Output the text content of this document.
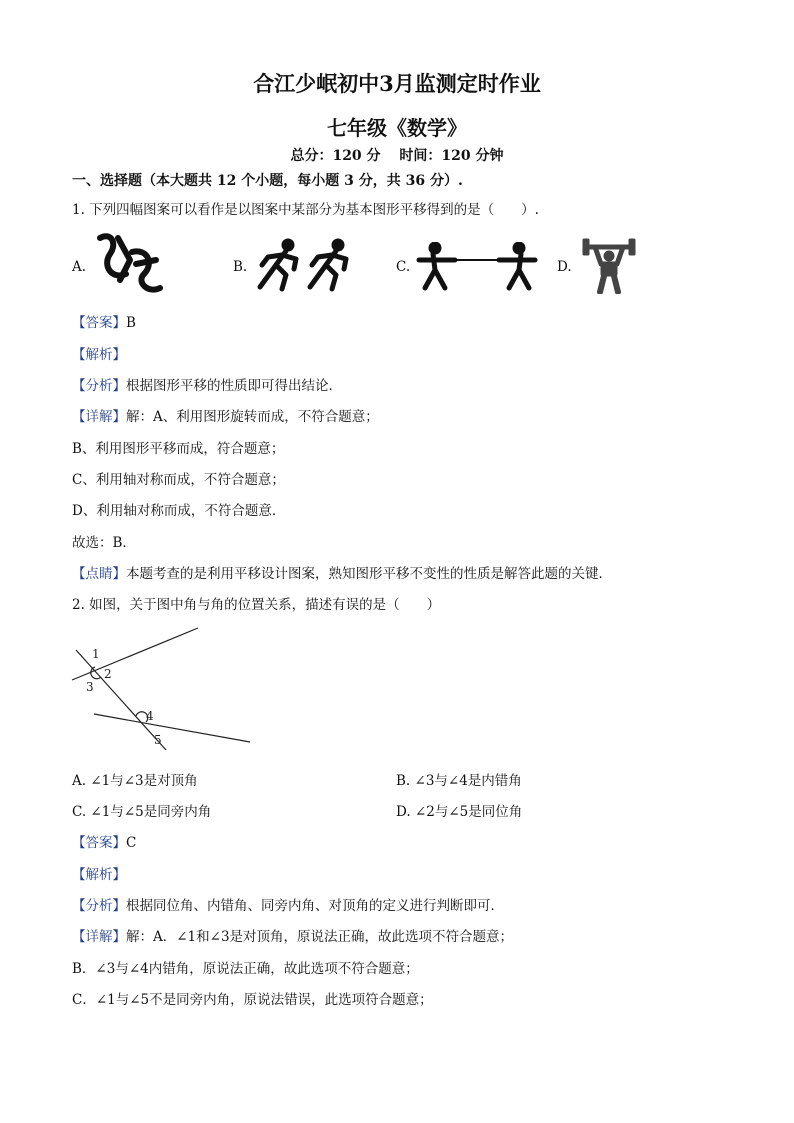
合江少岷初中3月监测定时作业
七年级《数学》
总分：120 分　 时间：120 分钟
一、选择题（本大题共 12 个小题，每小题 3 分，共 36 分）.
1. 下列四幅图案可以看作是以图案中某部分为基本图形平移得到的是（　　）.
A.	B.	C.	D.
【答案】B
【解析】
【分析】根据图形平移的性质即可得出结论．
【详解】解：A、利用图形旋转而成，不符合题意；
B、利用图形平移而成，符合题意；
C、利用轴对称而成，不符合题意；
D、利用轴对称而成，不符合题意．
故选：B．
【点睛】本题考查的是利用平移设计图案，熟知图形平移不变性的性质是解答此题的关键．
2. 如图，关于图中角与角的位置关系，描述有误的是（　　）
1
2
3
4
5
A. ∠1与∠3是对顶角	B. ∠3与∠4是内错角
C. ∠1与∠5是同旁内角	D. ∠2与∠5是同位角
【答案】C
【解析】
【分析】根据同位角、内错角、同旁内角、对顶角的定义进行判断即可．
【详解】解：A．∠1和∠3是对顶角，原说法正确，故此选项不符合题意；
B．∠3与∠4内错角，原说法正确，故此选项不符合题意；
C．∠1与∠5不是同旁内角，原说法错误，此选项符合题意；
